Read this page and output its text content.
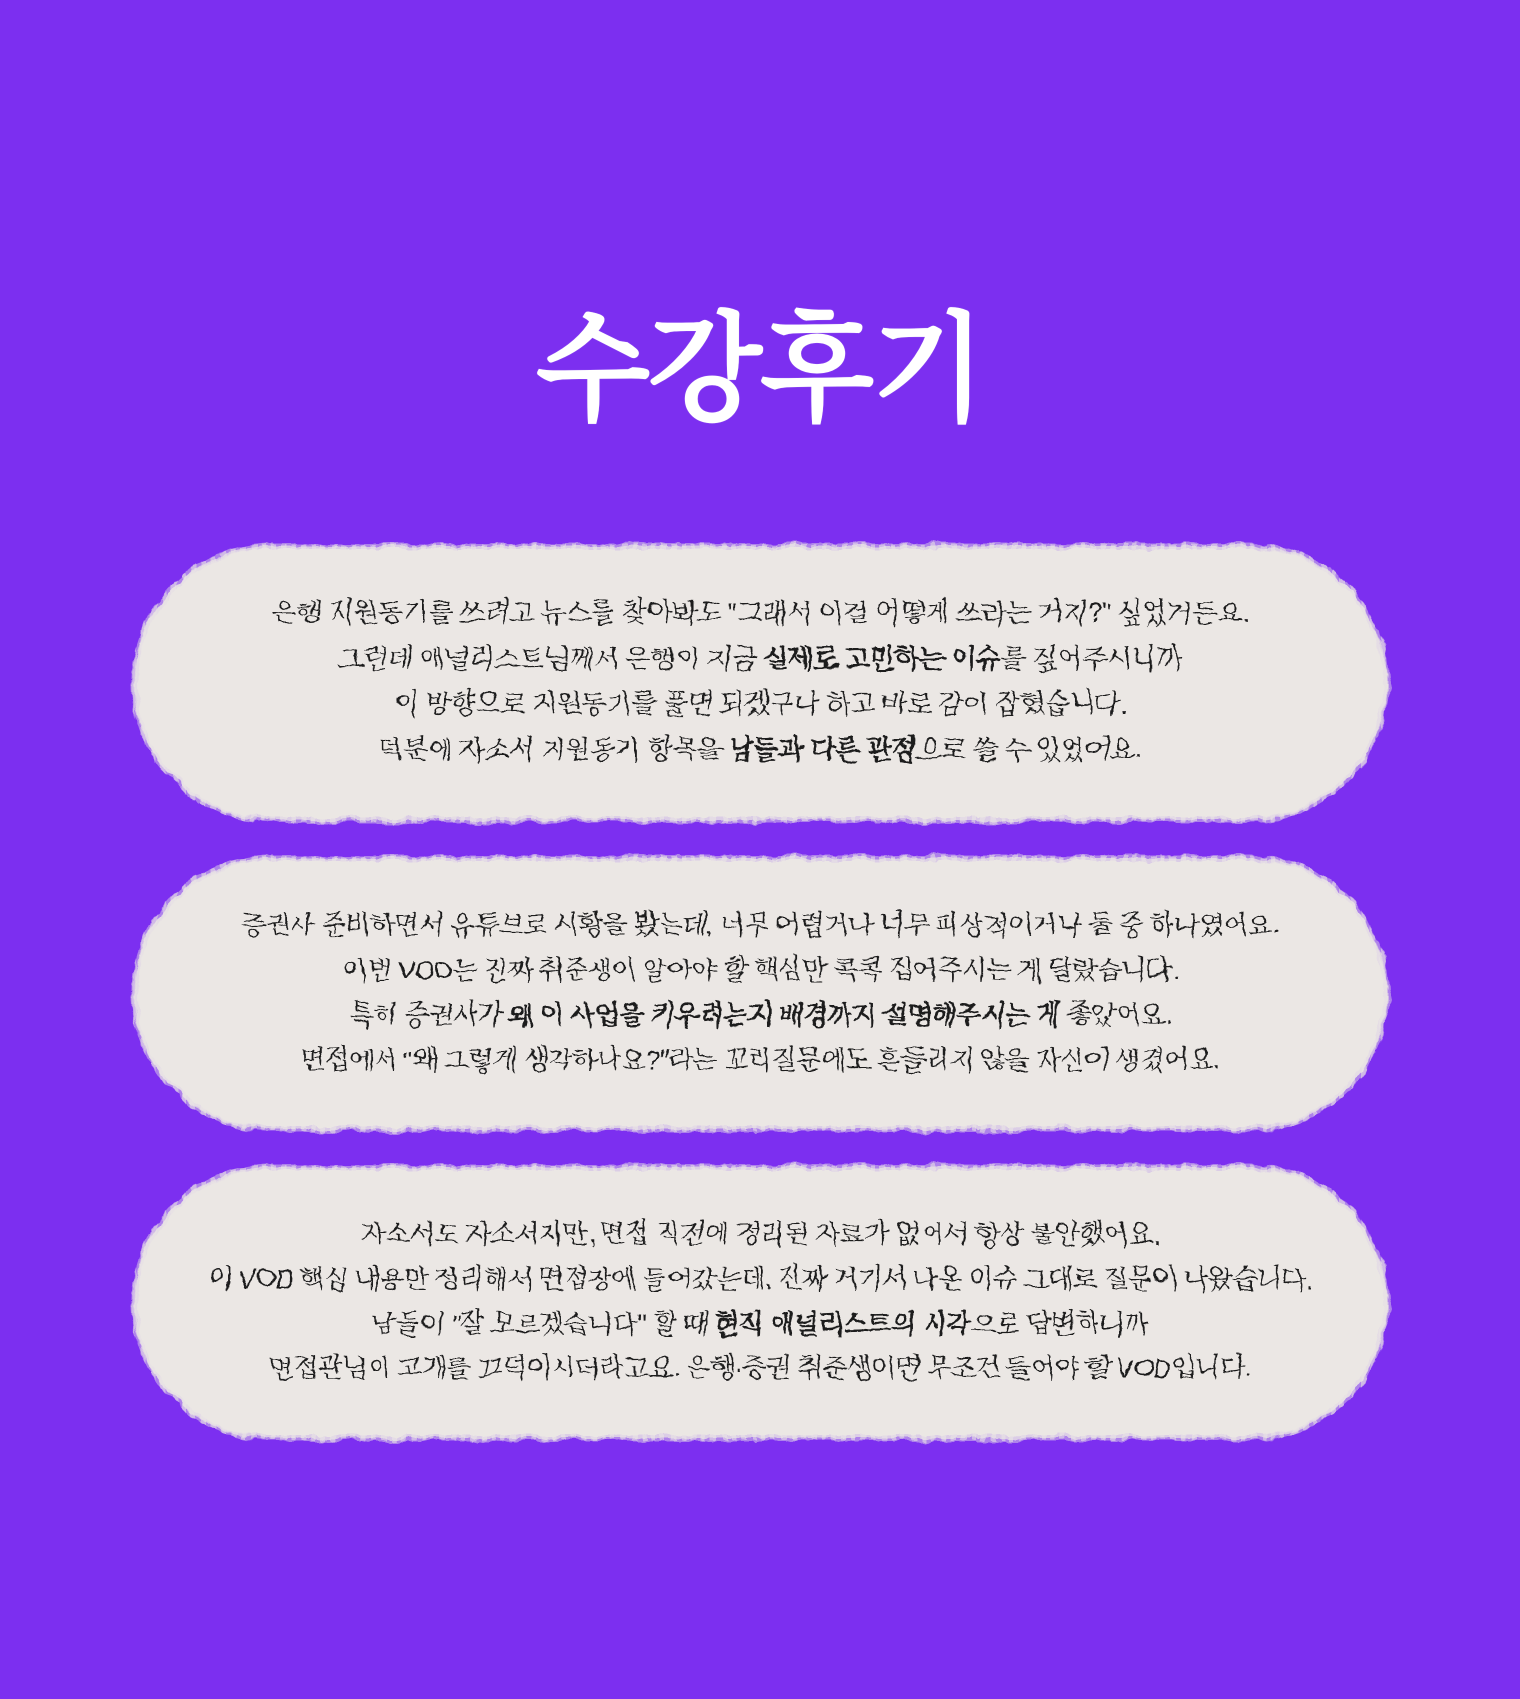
수강후기
은행 지원동기를 쓰려고 뉴스를 찾아봐도 "그래서 이걸 어떻게 쓰라는 거지?" 싶었거든요.
그런데 애널리스트님께서 은행이 지금 실제로 고민하는 이슈를 짚어주시니까
이 방향으로 지원동기를 풀면 되겠구나 하고 바로 감이 잡혔습니다.
덕분에 자소서 지원동기 항목을 남들과 다른 관점으로 쓸 수 있었어요.
증권사 준비하면서 유튜브로 시황을 봤는데, 너무 어렵거나 너무 피상적이거나 둘 중 하나였어요.
이번 VOD는 진짜 취준생이 알아야 할 핵심만 콕콕 집어주시는 게 달랐습니다.
특히 증권사가 왜 이 사업을 키우려는지 배경까지 설명해주시는 게 좋았어요.
면접에서 "왜 그렇게 생각하나요?"라는 꼬리질문에도 흔들리지 않을 자신이 생겼어요.
자소서도 자소서지만, 면접 직전에 정리된 자료가 없어서 항상 불안했어요.
이 VOD 핵심 내용만 정리해서 면접장에 들어갔는데, 진짜 거기서 나온 이슈 그대로 질문이 나왔습니다.
남들이 "잘 모르겠습니다" 할 때 현직 애널리스트의 시각으로 답변하니까
면접관님이 고개를 끄덕이시더라고요. 은행·증권 취준생이면 무조건 들어야 할 VOD입니다.
